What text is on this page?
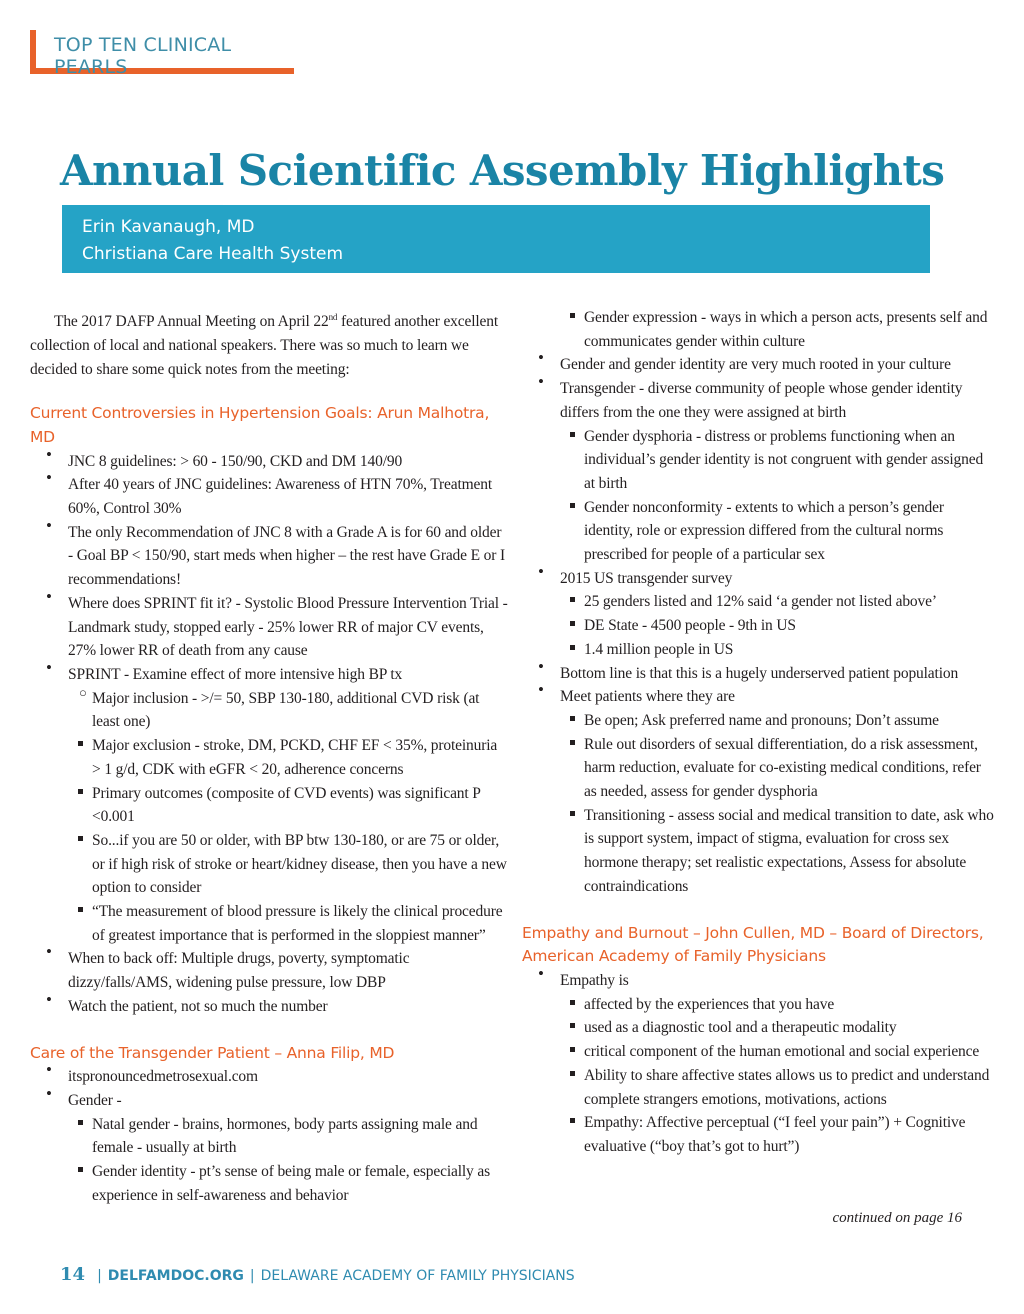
TOP TEN CLINICAL PEARLS
Annual Scientific Assembly Highlights
Erin Kavanaugh, MD
Christiana Care Health System

The 2017 DAFP Annual Meeting on April 22nd featured another excellent collection of local and national speakers. There was so much to learn we decided to share some quick notes from the meeting:

Current Controversies in Hypertension Goals: Arun Malhotra, MD
• JNC 8 guidelines: > 60 - 150/90, CKD and DM 140/90
• After 40 years of JNC guidelines: Awareness of HTN 70%, Treatment 60%, Control 30%
• The only Recommendation of JNC 8 with a Grade A is for 60 and older - Goal BP < 150/90, start meds when higher – the rest have Grade E or I recommendations!
• Where does SPRINT fit it? - Systolic Blood Pressure Intervention Trial - Landmark study, stopped early - 25% lower RR of major CV events, 27% lower RR of death from any cause
• SPRINT - Examine effect of more intensive high BP tx
○ Major inclusion - >/= 50, SBP 130-180, additional CVD risk (at least one)
Major exclusion - stroke, DM, PCKD, CHF EF < 35%, proteinuria > 1 g/d, CDK with eGFR < 20, adherence concerns
Primary outcomes (composite of CVD events) was significant P <0.001
So...if you are 50 or older, with BP btw 130-180, or are 75 or older, or if high risk of stroke or heart/kidney disease, then you have a new option to consider
“The measurement of blood pressure is likely the clinical procedure of greatest importance that is performed in the sloppiest manner”
• When to back off: Multiple drugs, poverty, symptomatic dizzy/falls/AMS, widening pulse pressure, low DBP
• Watch the patient, not so much the number
Care of the Transgender Patient – Anna Filip, MD
• itspronouncedmetrosexual.com
• Gender -
Natal gender - brains, hormones, body parts assigning male and female - usually at birth
Gender identity - pt’s sense of being male or female, especially as experience in self-awareness and behavior
Gender expression - ways in which a person acts, presents self and communicates gender within culture
• Gender and gender identity are very much rooted in your culture
• Transgender - diverse community of people whose gender identity differs from the one they were assigned at birth
Gender dysphoria - distress or problems functioning when an individual’s gender identity is not congruent with gender assigned at birth
Gender nonconformity - extents to which a person’s gender identity, role or expression differed from the cultural norms prescribed for people of a particular sex
• 2015 US transgender survey
25 genders listed and 12% said ‘a gender not listed above’
DE State - 4500 people - 9th in US
1.4 million people in US
• Bottom line is that this is a hugely underserved patient population
• Meet patients where they are
Be open; Ask preferred name and pronouns; Don’t assume
Rule out disorders of sexual differentiation, do a risk assessment, harm reduction, evaluate for co-existing medical conditions, refer as needed, assess for gender dysphoria
Transitioning - assess social and medical transition to date, ask who is support system, impact of stigma, evaluation for cross sex hormone therapy; set realistic expectations, Assess for absolute contraindications
Empathy and Burnout – John Cullen, MD – Board of Directors, American Academy of Family Physicians
• Empathy is
affected by the experiences that you have
used as a diagnostic tool and a therapeutic modality
critical component of the human emotional and social experience
Ability to share affective states allows us to predict and understand complete strangers emotions, motivations, actions
Empathy: Affective perceptual (“I feel your pain”) + Cognitive evaluative (“boy that’s got to hurt”)
continued on page 16
14 | DELFAMDOC.ORG | DELAWARE ACADEMY OF FAMILY PHYSICIANS
